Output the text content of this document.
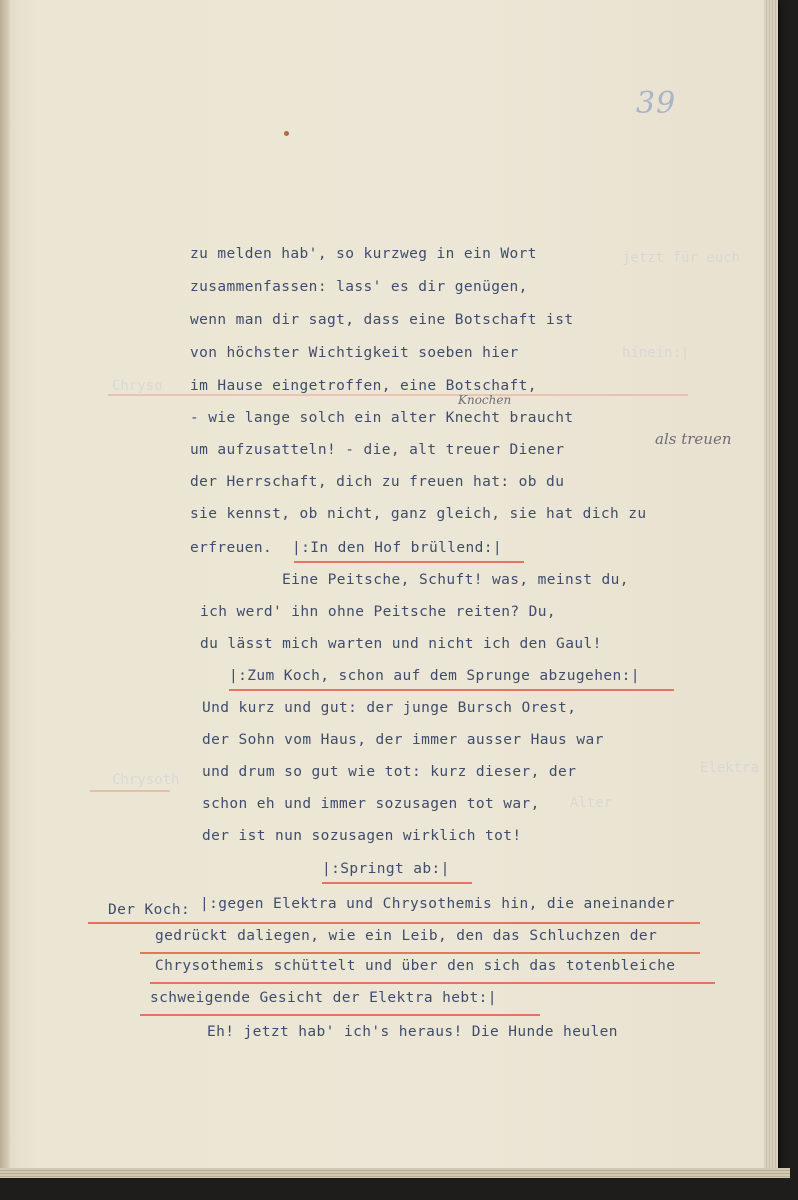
39
Chryso
Chrysoth
jetzt für euch
hinein:|
Elektra
Alter
zu melden hab', so kurzweg in ein Wort
zusammenfassen: lass' es dir genügen,
wenn man dir sagt, dass eine Botschaft ist
von höchster Wichtigkeit soeben hier
im Hause eingetroffen, eine Botschaft,
- wie lange solch ein alter Knecht braucht
um aufzusatteln! - die, alt treuer Diener
der Herrschaft, dich zu freuen hat: ob du
sie kennst, ob nicht, ganz gleich, sie hat dich zu
erfreuen. |:In den Hof brüllend:|
Eine Peitsche, Schuft! was, meinst du,
ich werd' ihn ohne Peitsche reiten? Du,
du lässt mich warten und nicht ich den Gaul!
|:Zum Koch, schon auf dem Sprunge abzugehen:|
Und kurz und gut: der junge Bursch Orest,
der Sohn vom Haus, der immer ausser Haus war
und drum so gut wie tot: kurz dieser, der
schon eh und immer sozusagen tot war,
der ist nun sozusagen wirklich tot!
|:Springt ab:|
Der Koch: |:gegen Elektra und Chrysothemis hin, die aneinander
gedrückt daliegen, wie ein Leib, den das Schluchzen der
Chrysothemis schüttelt und über den sich das totenbleiche
schweigende Gesicht der Elektra hebt:|
Eh! jetzt hab' ich's heraus! Die Hunde heulen
Knochen
als treuen
